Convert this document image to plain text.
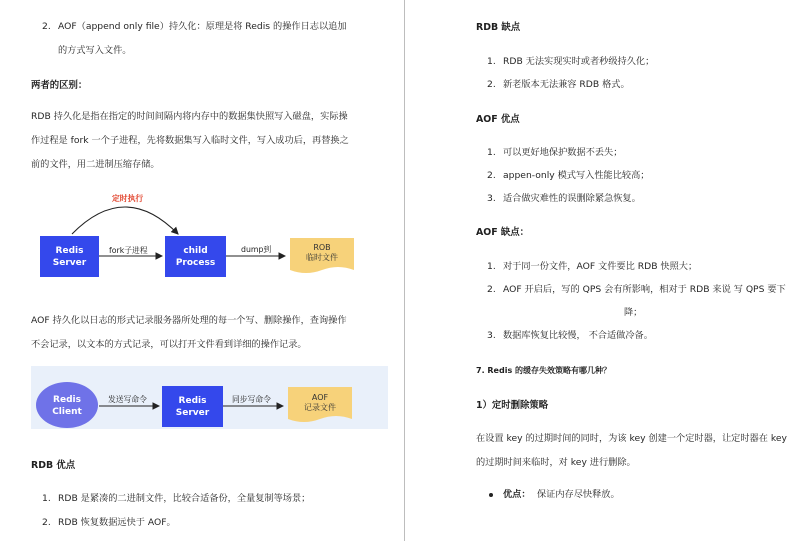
2. AOF（append only file）持久化：原理是将 Redis 的操作日志以追加
的方式写入文件。
两者的区别：
RDB 持久化是指在指定的时间间隔内将内存中的数据集快照写入磁盘，实际操
作过程是 fork 一个子进程，先将数据集写入临时文件，写入成功后，再替换之
前的文件，用二进制压缩存储。
定时执行
Redis
Server
fork子进程	child
Process
dump到	ROB
临时文件
AOF 持久化以日志的形式记录服务器所处理的每一个写、删除操作，查询操作
不会记录，以文本的方式记录，可以打开文件看到详细的操作记录。
Redis
Client
发送写命令	Redis
Server
同步写命令	AOF
记录文件
RDB 优点
1. RDB 是紧凑的二进制文件，比较合适备份，全量复制等场景；
2. RDB 恢复数据远快于 AOF。
RDB 缺点
1. RDB 无法实现实时或者秒级持久化；
2. 新老版本无法兼容 RDB 格式。
AOF 优点
1. 可以更好地保护数据不丢失；
2. appen-only 模式写入性能比较高；
3. 适合做灾难性的误删除紧急恢复。
AOF 缺点：
1. 对于同一份文件，AOF 文件要比 RDB 快照大；
2. AOF 开启后，写的 QPS 会有所影响，相对于 RDB 来说 写 QPS 要下
降；
3. 数据库恢复比较慢， 不合适做冷备。
7. Redis 的缓存失效策略有哪几种？
1）定时删除策略
在设置 key 的过期时间的同时，为该 key 创建一个定时器，让定时器在 key
的过期时间来临时，对 key 进行删除。
优点： 保证内存尽快释放。
